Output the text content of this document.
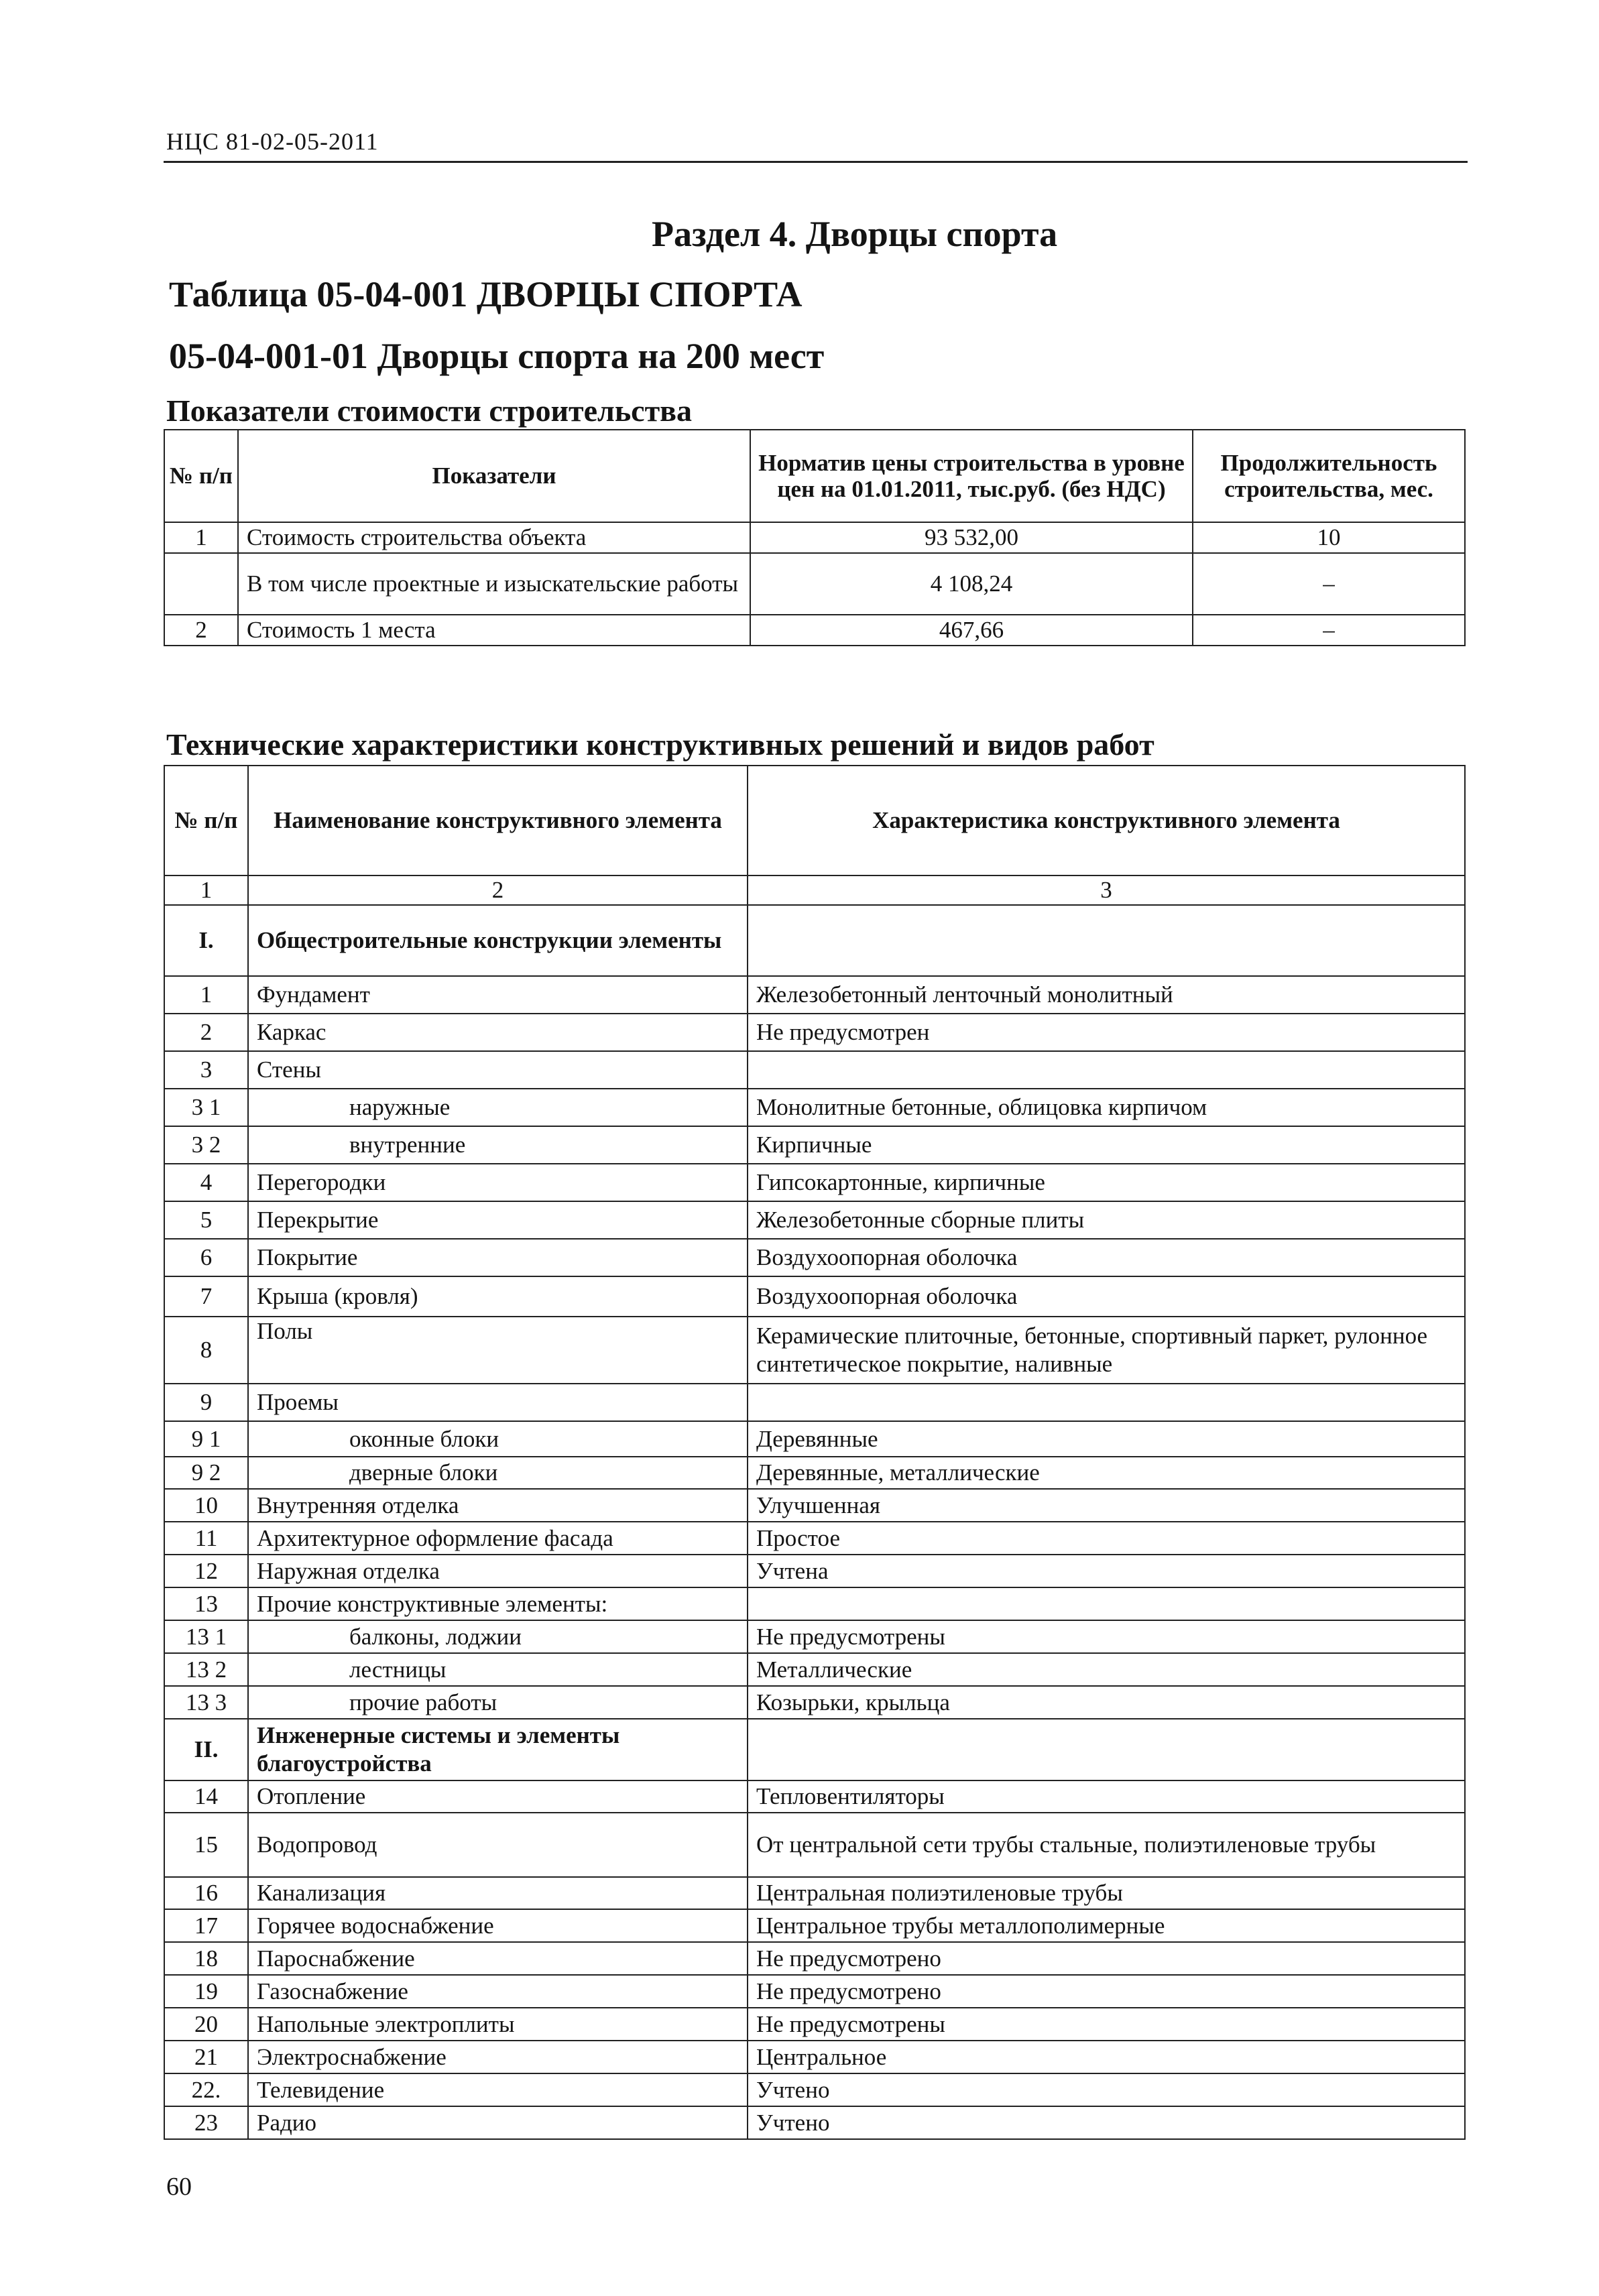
НЦС 81-02-05-2011
Раздел 4. Дворцы спорта
Таблица 05-04-001 ДВОРЦЫ СПОРТА
05-04-001-01 Дворцы спорта на 200 мест
Показатели стоимости строительства
№ п/п	Показатели	Норматив цены строительства в уровне цен на 01.01.2011, тыс.руб. (без НДС)	Продолжительность строительства, мес.
1	Стоимость строительства объекта	93 532,00	10
	В том числе проектные и изыскательские работы	4 108,24	–
2	Стоимость 1 места	467,66	–
Технические характеристики конструктивных решений и видов работ
№ п/п	Наименование конструктивного элемента	Характеристика конструктивного элемента
1	2	3
I.	Общестроительные конструкции элементы	
1	Фундамент	Железобетонный ленточный монолитный
2	Каркас	Не предусмотрен
3	Стены	
3 1	наружные	Монолитные бетонные, облицовка кирпичом
3 2	внутренние	Кирпичные
4	Перегородки	Гипсокартонные, кирпичные
5	Перекрытие	Железобетонные сборные плиты
6	Покрытие	Воздухоопорная оболочка
7	Крыша (кровля)	Воздухоопорная оболочка
8	Полы	Керамические плиточные, бетонные, спортивный паркет, рулонное синтетическое покрытие, наливные
9	Проемы	
9 1	оконные блоки	Деревянные
9 2	дверные блоки	Деревянные, металлические
10	Внутренняя отделка	Улучшенная
11	Архитектурное оформление фасада	Простое
12	Наружная отделка	Учтена
13	Прочие конструктивные элементы:	
13 1	балконы, лоджии	Не предусмотрены
13 2	лестницы	Металлические
13 3	прочие работы	Козырьки, крыльца
II.	Инженерные системы и элементы благоустройства	
14	Отопление	Тепловентиляторы
15	Водопровод	От центральной сети трубы стальные, полиэтиленовые трубы
16	Канализация	Центральная полиэтиленовые трубы
17	Горячее водоснабжение	Центральное трубы металлополимерные
18	Пароснабжение	Не предусмотрено
19	Газоснабжение	Не предусмотрено
20	Напольные электроплиты	Не предусмотрены
21	Электроснабжение	Центральное
22.	Телевидение	Учтено
23	Радио	Учтено
60
